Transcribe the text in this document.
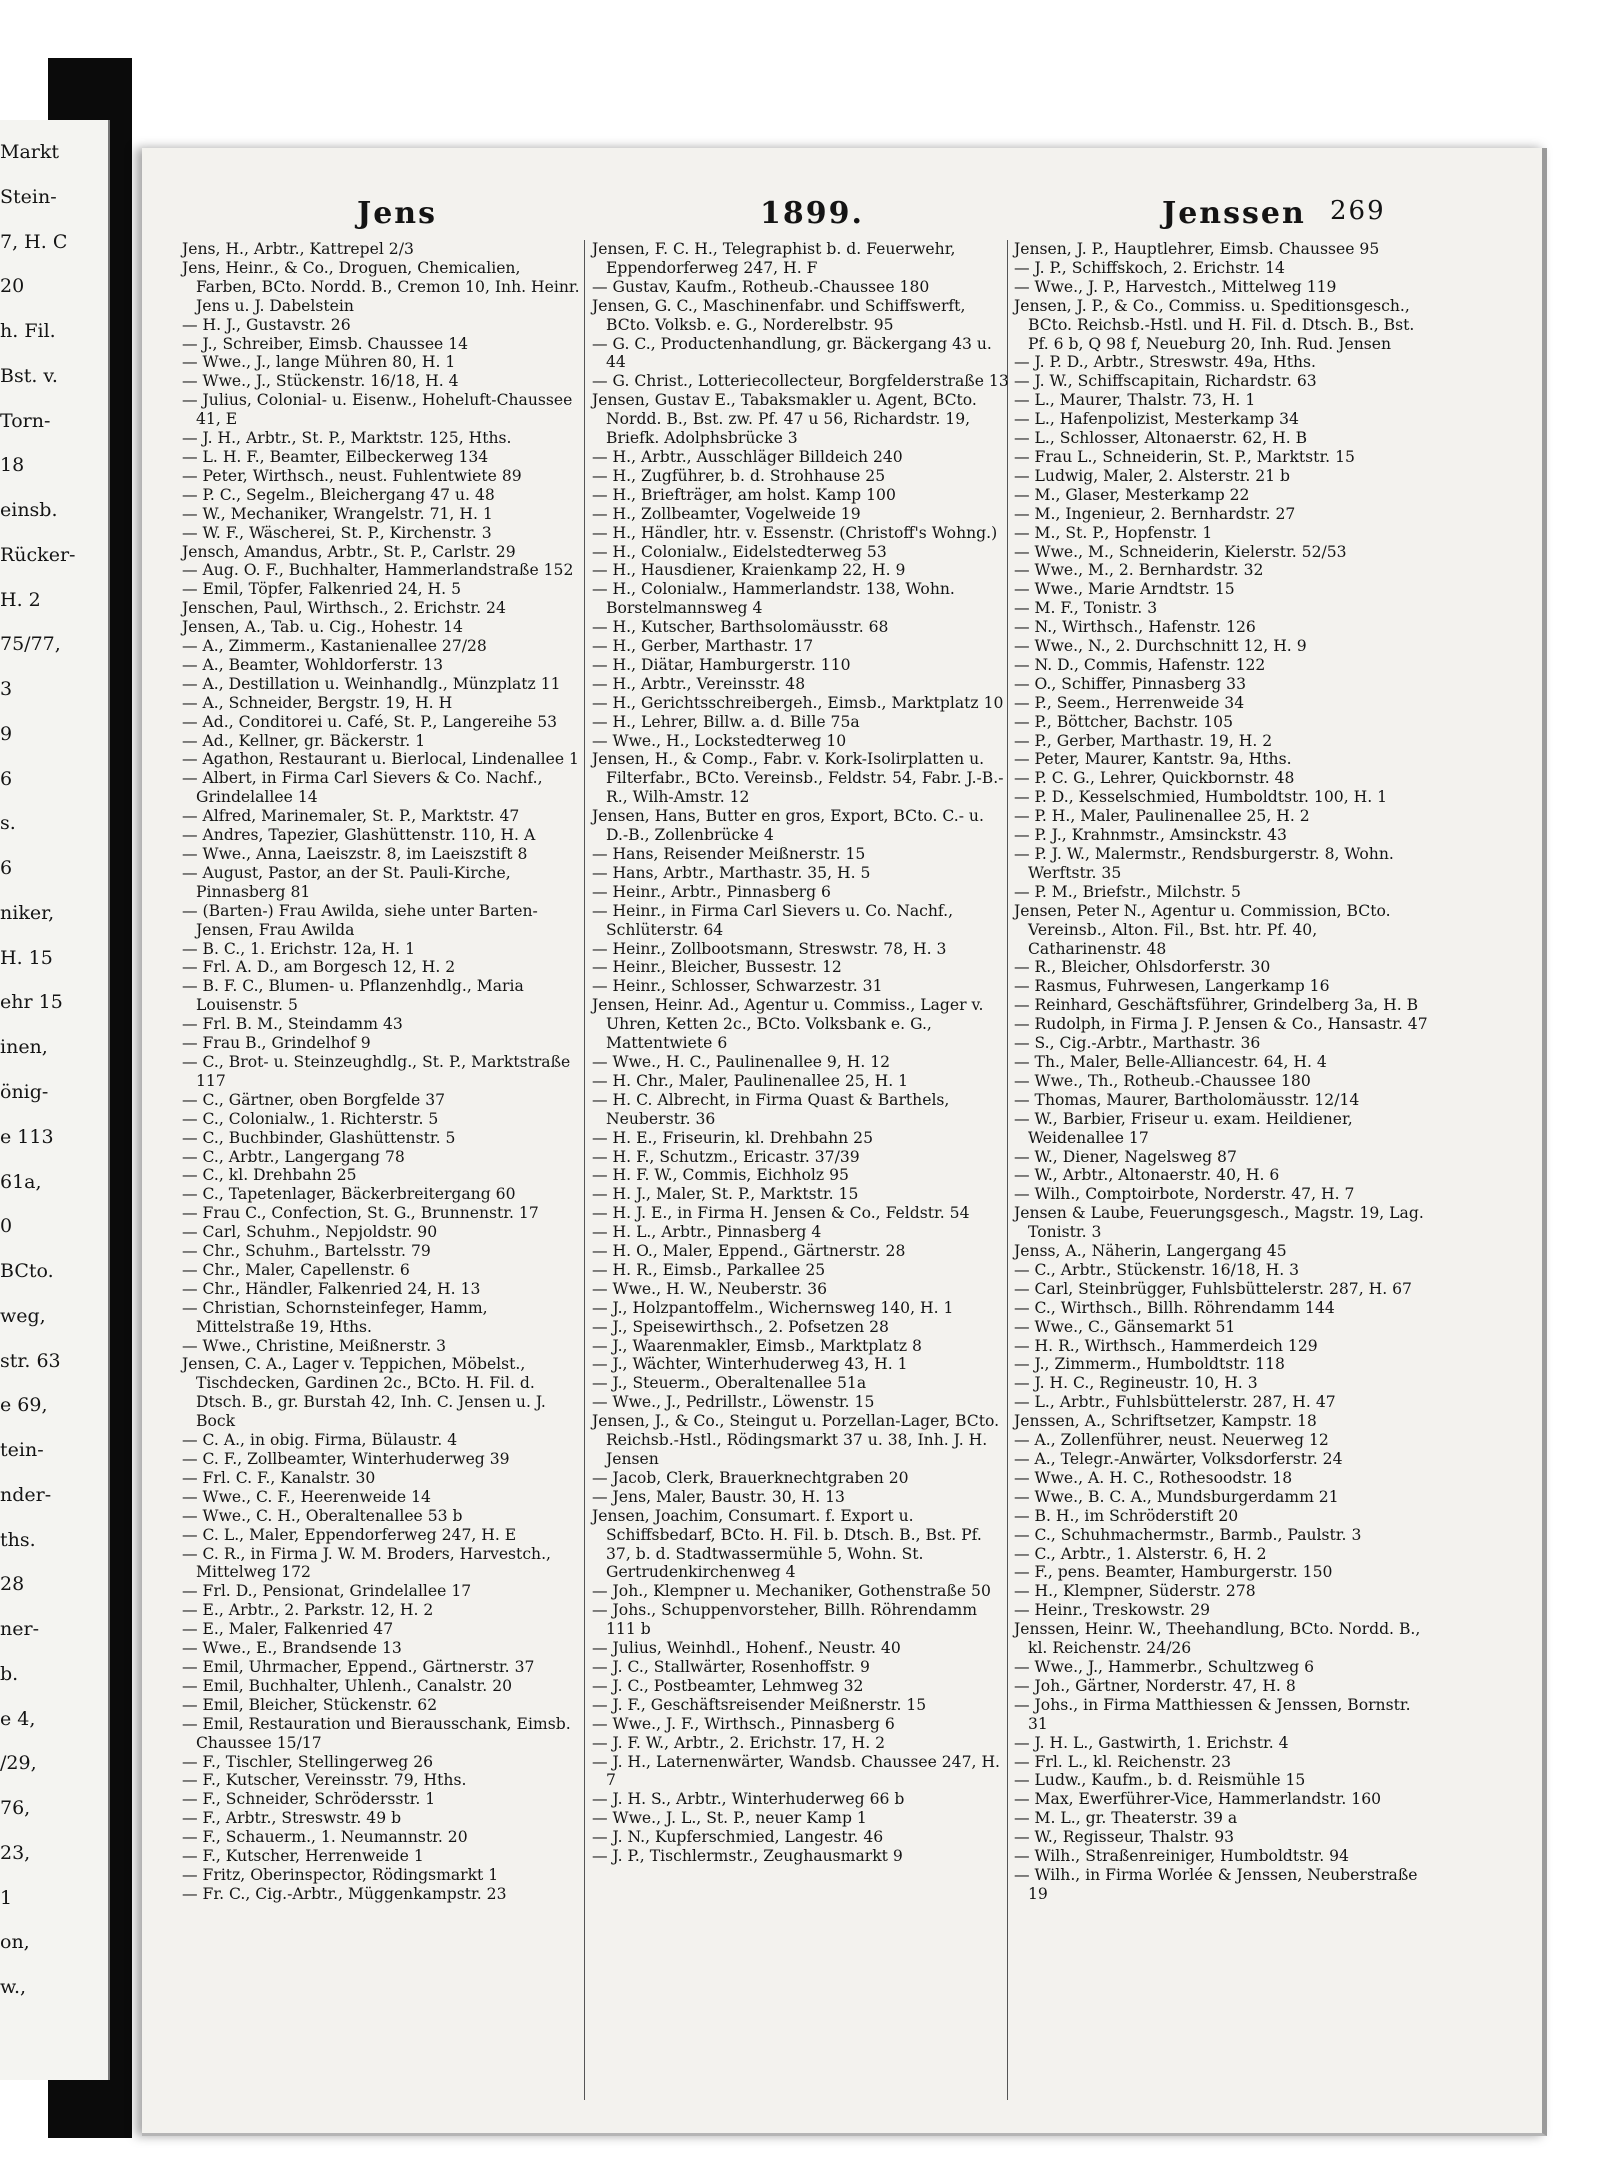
Markt
Stein-
7, H. C
20
h. Fil.
Bst. v.
Torn-
18
einsb.
Rücker-
H. 2
75/77,
3
9
6
s.
6
niker,
H. 15
ehr 15
inen,
önig-
e 113
61a,
0
BCto.
weg,
str. 63
e 69,
tein-
nder-
ths.
28
ner-
b.
e 4,
/29,
76,
23,
1
on,
w.,
Jens	1899.	Jenssen 269

Jens, H., Arbtr., Kattrepel 2/3

Jens, Heinr., & Co., Droguen, Chemicalien, Farben, BCto. Nordd. B., Cremon 10, Inh. Heinr. Jens u. J. Dabelstein

— H. J., Gustavstr. 26

— J., Schreiber, Eimsb. Chaussee 14

— Wwe., J., lange Mühren 80, H. 1

— Wwe., J., Stückenstr. 16/18, H. 4

— Julius, Colonial- u. Eisenw., Hoheluft-Chaussee 41, E

— J. H., Arbtr., St. P., Marktstr. 125, Hths.

— L. H. F., Beamter, Eilbeckerweg 134

— Peter, Wirthsch., neust. Fuhlentwiete 89

— P. C., Segelm., Bleichergang 47 u. 48

— W., Mechaniker, Wrangelstr. 71, H. 1

— W. F., Wäscherei, St. P., Kirchenstr. 3

Jensch, Amandus, Arbtr., St. P., Carlstr. 29

— Aug. O. F., Buchhalter, Hammerlandstraße 152

— Emil, Töpfer, Falkenried 24, H. 5

Jenschen, Paul, Wirthsch., 2. Erichstr. 24

Jensen, A., Tab. u. Cig., Hohestr. 14

— A., Zimmerm., Kastanienallee 27/28

— A., Beamter, Wohldorferstr. 13

— A., Destillation u. Weinhandlg., Münzplatz 11

— A., Schneider, Bergstr. 19, H. H

— Ad., Conditorei u. Café, St. P., Langereihe 53

— Ad., Kellner, gr. Bäckerstr. 1

— Agathon, Restaurant u. Bierlocal, Lindenallee 1

— Albert, in Firma Carl Sievers & Co. Nachf., Grindelallee 14

— Alfred, Marinemaler, St. P., Marktstr. 47

— Andres, Tapezier, Glashüttenstr. 110, H. A

— Wwe., Anna, Laeiszstr. 8, im Laeiszstift 8

— August, Pastor, an der St. Pauli-Kirche, Pinnasberg 81

— (Barten-) Frau Awilda, siehe unter Barten-Jensen, Frau Awilda

— B. C., 1. Erichstr. 12a, H. 1

— Frl. A. D., am Borgesch 12, H. 2

— B. F. C., Blumen- u. Pflanzenhdlg., Maria Louisenstr. 5

— Frl. B. M., Steindamm 43

— Frau B., Grindelhof 9

— C., Brot- u. Steinzeughdlg., St. P., Marktstraße 117

— C., Gärtner, oben Borgfelde 37

— C., Colonialw., 1. Richterstr. 5

— C., Buchbinder, Glashüttenstr. 5

— C., Arbtr., Langergang 78

— C., kl. Drehbahn 25

— C., Tapetenlager, Bäckerbreitergang 60

— Frau C., Confection, St. G., Brunnenstr. 17

— Carl, Schuhm., Nepjoldstr. 90

— Chr., Schuhm., Bartelsstr. 79

— Chr., Maler, Capellenstr. 6

— Chr., Händler, Falkenried 24, H. 13

— Christian, Schornsteinfeger, Hamm, Mittelstraße 19, Hths.

— Wwe., Christine, Meißnerstr. 3

Jensen, C. A., Lager v. Teppichen, Möbelst., Tischdecken, Gardinen 2c., BCto. H. Fil. d. Dtsch. B., gr. Burstah 42, Inh. C. Jensen u. J. Bock

— C. A., in obig. Firma, Bülaustr. 4

— C. F., Zollbeamter, Winterhuderweg 39

— Frl. C. F., Kanalstr. 30

— Wwe., C. F., Heerenweide 14

— Wwe., C. H., Oberaltenallee 53 b

— C. L., Maler, Eppendorferweg 247, H. E

— C. R., in Firma J. W. M. Broders, Harvestch., Mittelweg 172

— Frl. D., Pensionat, Grindelallee 17

— E., Arbtr., 2. Parkstr. 12, H. 2

— E., Maler, Falkenried 47

— Wwe., E., Brandsende 13

— Emil, Uhrmacher, Eppend., Gärtnerstr. 37

— Emil, Buchhalter, Uhlenh., Canalstr. 20

— Emil, Bleicher, Stückenstr. 62

— Emil, Restauration und Bierausschank, Eimsb. Chaussee 15/17

— F., Tischler, Stellingerweg 26

— F., Kutscher, Vereinsstr. 79, Hths.

— F., Schneider, Schrödersstr. 1

— F., Arbtr., Streswstr. 49 b

— F., Schauerm., 1. Neumannstr. 20

— F., Kutscher, Herrenweide 1

— Fritz, Oberinspector, Rödingsmarkt 1

— Fr. C., Cig.-Arbtr., Müggenkampstr. 23

Jensen, F. C. H., Telegraphist b. d. Feuerwehr, Eppendorferweg 247, H. F

— Gustav, Kaufm., Rotheub.-Chaussee 180

Jensen, G. C., Maschinenfabr. und Schiffswerft, BCto. Volksb. e. G., Norderelbstr. 95

— G. C., Productenhandlung, gr. Bäckergang 43 u. 44

— G. Christ., Lotteriecollecteur, Borgfelderstraße 13

Jensen, Gustav E., Tabaksmakler u. Agent, BCto. Nordd. B., Bst. zw. Pf. 47 u 56, Richardstr. 19, Briefk. Adolphsbrücke 3

— H., Arbtr., Ausschläger Billdeich 240

— H., Zugführer, b. d. Strohhause 25

— H., Briefträger, am holst. Kamp 100

— H., Zollbeamter, Vogelweide 19

— H., Händler, htr. v. Essenstr. (Christoff's Wohng.)

— H., Colonialw., Eidelstedterweg 53

— H., Hausdiener, Kraienkamp 22, H. 9

— H., Colonialw., Hammerlandstr. 138, Wohn. Borstelmannsweg 4

— H., Kutscher, Barthsolomäusstr. 68

— H., Gerber, Marthastr. 17

— H., Diätar, Hamburgerstr. 110

— H., Arbtr., Vereinsstr. 48

— H., Gerichtsschreibergeh., Eimsb., Marktplatz 10

— H., Lehrer, Billw. a. d. Bille 75a

— Wwe., H., Lockstedterweg 10

Jensen, H., & Comp., Fabr. v. Kork-Isolirplatten u. Filterfabr., BCto. Vereinsb., Feldstr. 54, Fabr. J.-B.-R., Wilh-Amstr. 12

Jensen, Hans, Butter en gros, Export, BCto. C.- u. D.-B., Zollenbrücke 4

— Hans, Reisender Meißnerstr. 15

— Hans, Arbtr., Marthastr. 35, H. 5

— Heinr., Arbtr., Pinnasberg 6

— Heinr., in Firma Carl Sievers u. Co. Nachf., Schlüterstr. 64

— Heinr., Zollbootsmann, Streswstr. 78, H. 3

— Heinr., Bleicher, Bussestr. 12

— Heinr., Schlosser, Schwarzestr. 31

Jensen, Heinr. Ad., Agentur u. Commiss., Lager v. Uhren, Ketten 2c., BCto. Volksbank e. G., Mattentwiete 6

— Wwe., H. C., Paulinenallee 9, H. 12

— H. Chr., Maler, Paulinenallee 25, H. 1

— H. C. Albrecht, in Firma Quast & Barthels, Neuberstr. 36

— H. E., Friseurin, kl. Drehbahn 25

— H. F., Schutzm., Ericastr. 37/39

— H. F. W., Commis, Eichholz 95

— H. J., Maler, St. P., Marktstr. 15

— H. J. E., in Firma H. Jensen & Co., Feldstr. 54

— H. L., Arbtr., Pinnasberg 4

— H. O., Maler, Eppend., Gärtnerstr. 28

— H. R., Eimsb., Parkallee 25

— Wwe., H. W., Neuberstr. 36

— J., Holzpantoffelm., Wichernsweg 140, H. 1

— J., Speisewirthsch., 2. Pofsetzen 28

— J., Waarenmakler, Eimsb., Marktplatz 8

— J., Wächter, Winterhuderweg 43, H. 1

— J., Steuerm., Oberaltenallee 51a

— Wwe., J., Pedrillstr., Löwenstr. 15

Jensen, J., & Co., Steingut u. Porzellan-Lager, BCto. Reichsb.-Hstl., Rödingsmarkt 37 u. 38, Inh. J. H. Jensen

— Jacob, Clerk, Brauerknechtgraben 20

— Jens, Maler, Baustr. 30, H. 13

Jensen, Joachim, Consumart. f. Export u. Schiffsbedarf, BCto. H. Fil. b. Dtsch. B., Bst. Pf. 37, b. d. Stadtwassermühle 5, Wohn. St. Gertrudenkirchenweg 4

— Joh., Klempner u. Mechaniker, Gothenstraße 50

— Johs., Schuppenvorsteher, Billh. Röhrendamm 111 b

— Julius, Weinhdl., Hohenf., Neustr. 40

— J. C., Stallwärter, Rosenhoffstr. 9

— J. C., Postbeamter, Lehmweg 32

— J. F., Geschäftsreisender Meißnerstr. 15

— Wwe., J. F., Wirthsch., Pinnasberg 6

— J. F. W., Arbtr., 2. Erichstr. 17, H. 2

— J. H., Laternenwärter, Wandsb. Chaussee 247, H. 7

— J. H. S., Arbtr., Winterhuderweg 66 b

— Wwe., J. L., St. P., neuer Kamp 1

— J. N., Kupferschmied, Langestr. 46

— J. P., Tischlermstr., Zeughausmarkt 9

Jensen, J. P., Hauptlehrer, Eimsb. Chaussee 95

— J. P., Schiffskoch, 2. Erichstr. 14

— Wwe., J. P., Harvestch., Mittelweg 119

Jensen, J. P., & Co., Commiss. u. Speditionsgesch., BCto. Reichsb.-Hstl. und H. Fil. d. Dtsch. B., Bst. Pf. 6 b, Q 98 f, Neueburg 20, Inh. Rud. Jensen

— J. P. D., Arbtr., Streswstr. 49a, Hths.

— J. W., Schiffscapitain, Richardstr. 63

— L., Maurer, Thalstr. 73, H. 1

— L., Hafenpolizist, Mesterkamp 34

— L., Schlosser, Altonaerstr. 62, H. B

— Frau L., Schneiderin, St. P., Marktstr. 15

— Ludwig, Maler, 2. Alsterstr. 21 b

— M., Glaser, Mesterkamp 22

— M., Ingenieur, 2. Bernhardstr. 27

— M., St. P., Hopfenstr. 1

— Wwe., M., Schneiderin, Kielerstr. 52/53

— Wwe., M., 2. Bernhardstr. 32

— Wwe., Marie Arndtstr. 15

— M. F., Tonistr. 3

— N., Wirthsch., Hafenstr. 126

— Wwe., N., 2. Durchschnitt 12, H. 9

— N. D., Commis, Hafenstr. 122

— O., Schiffer, Pinnasberg 33

— P., Seem., Herrenweide 34

— P., Böttcher, Bachstr. 105

— P., Gerber, Marthastr. 19, H. 2

— Peter, Maurer, Kantstr. 9a, Hths.

— P. C. G., Lehrer, Quickbornstr. 48

— P. D., Kesselschmied, Humboldtstr. 100, H. 1

— P. H., Maler, Paulinenallee 25, H. 2

— P. J., Krahnmstr., Amsinckstr. 43

— P. J. W., Malermstr., Rendsburgerstr. 8, Wohn. Werftstr. 35

— P. M., Briefstr., Milchstr. 5

Jensen, Peter N., Agentur u. Commission, BCto. Vereinsb., Alton. Fil., Bst. htr. Pf. 40, Catharinenstr. 48

— R., Bleicher, Ohlsdorferstr. 30

— Rasmus, Fuhrwesen, Langerkamp 16

— Reinhard, Geschäftsführer, Grindelberg 3a, H. B

— Rudolph, in Firma J. P. Jensen & Co., Hansastr. 47

— S., Cig.-Arbtr., Marthastr. 36

— Th., Maler, Belle-Alliancestr. 64, H. 4

— Wwe., Th., Rotheub.-Chaussee 180

— Thomas, Maurer, Bartholomäusstr. 12/14

— W., Barbier, Friseur u. exam. Heildiener, Weidenallee 17

— W., Diener, Nagelsweg 87

— W., Arbtr., Altonaerstr. 40, H. 6

— Wilh., Comptoirbote, Norderstr. 47, H. 7

Jensen & Laube, Feuerungsgesch., Magstr. 19, Lag. Tonistr. 3

Jenss, A., Näherin, Langergang 45

— C., Arbtr., Stückenstr. 16/18, H. 3

— Carl, Steinbrügger, Fuhlsbüttelerstr. 287, H. 67

— C., Wirthsch., Billh. Röhrendamm 144

— Wwe., C., Gänsemarkt 51

— H. R., Wirthsch., Hammerdeich 129

— J., Zimmerm., Humboldtstr. 118

— J. H. C., Regineustr. 10, H. 3

— L., Arbtr., Fuhlsbüttelerstr. 287, H. 47

Jenssen, A., Schriftsetzer, Kampstr. 18

— A., Zollenführer, neust. Neuerweg 12

— A., Telegr.-Anwärter, Volksdorferstr. 24

— Wwe., A. H. C., Rothesoodstr. 18

— Wwe., B. C. A., Mundsburgerdamm 21

— B. H., im Schröderstift 20

— C., Schuhmachermstr., Barmb., Paulstr. 3

— C., Arbtr., 1. Alsterstr. 6, H. 2

— F., pens. Beamter, Hamburgerstr. 150

— H., Klempner, Süderstr. 278

— Heinr., Treskowstr. 29

Jenssen, Heinr. W., Theehandlung, BCto. Nordd. B., kl. Reichenstr. 24/26

— Wwe., J., Hammerbr., Schultzweg 6

— Joh., Gärtner, Norderstr. 47, H. 8

— Johs., in Firma Matthiessen & Jenssen, Bornstr. 31

— J. H. L., Gastwirth, 1. Erichstr. 4

— Frl. L., kl. Reichenstr. 23

— Ludw., Kaufm., b. d. Reismühle 15

— Max, Ewerführer-Vice, Hammerlandstr. 160

— M. L., gr. Theaterstr. 39 a

— W., Regisseur, Thalstr. 93

— Wilh., Straßenreiniger, Humboldtstr. 94

— Wilh., in Firma Worlée & Jenssen, Neuberstraße 19
